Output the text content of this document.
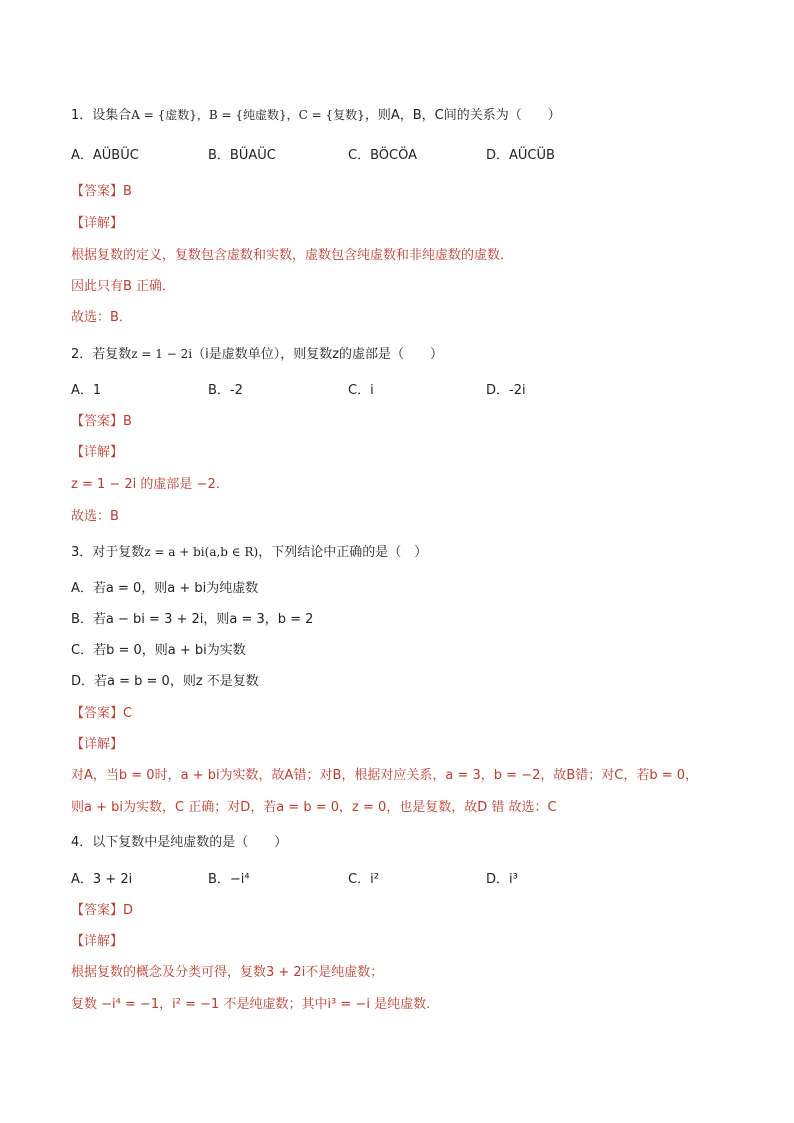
1．设集合A = {虚数}，B = {纯虚数}，C = {复数}，则A，B，C间的关系为（　　）
A．AÜBÜC	B．BÜAÜC	C．BÖCÖA	D．AÜCÜB
【答案】B
【详解】
根据复数的定义，复数包含虚数和实数，虚数包含纯虚数和非纯虚数的虚数．
因此只有B 正确．
故选：B．
2．若复数z = 1 − 2i（i是虚数单位），则复数z的虚部是（　　）
A．1	B．-2	C．i	D．-2i
【答案】B
【详解】
z = 1 − 2i 的虚部是 −2.
故选：B
3．对于复数z = a + bi(a,b ∈ R)，下列结论中正确的是（　）
A．若a = 0，则a + bi为纯虚数
B．若a − bi = 3 + 2i，则a = 3，b = 2
C．若b = 0，则a + bi为实数
D．若a = b = 0，则z 不是复数
【答案】C
【详解】
对A，当b = 0时，a + bi为实数，故A错；对B，根据对应关系，a = 3，b = −2，故B错；对C，若b = 0，
则a + bi为实数，C 正确；对D，若a = b = 0，z = 0，也是复数，故D 错 故选：C
4．以下复数中是纯虚数的是（　　）
A．3 + 2i	B．−i⁴	C．i²	D．i³
【答案】D
【详解】
根据复数的概念及分类可得，复数3 + 2i不是纯虚数；
复数 −i⁴ = −1，i² = −1 不是纯虚数；其中i³ = −i 是纯虚数.
